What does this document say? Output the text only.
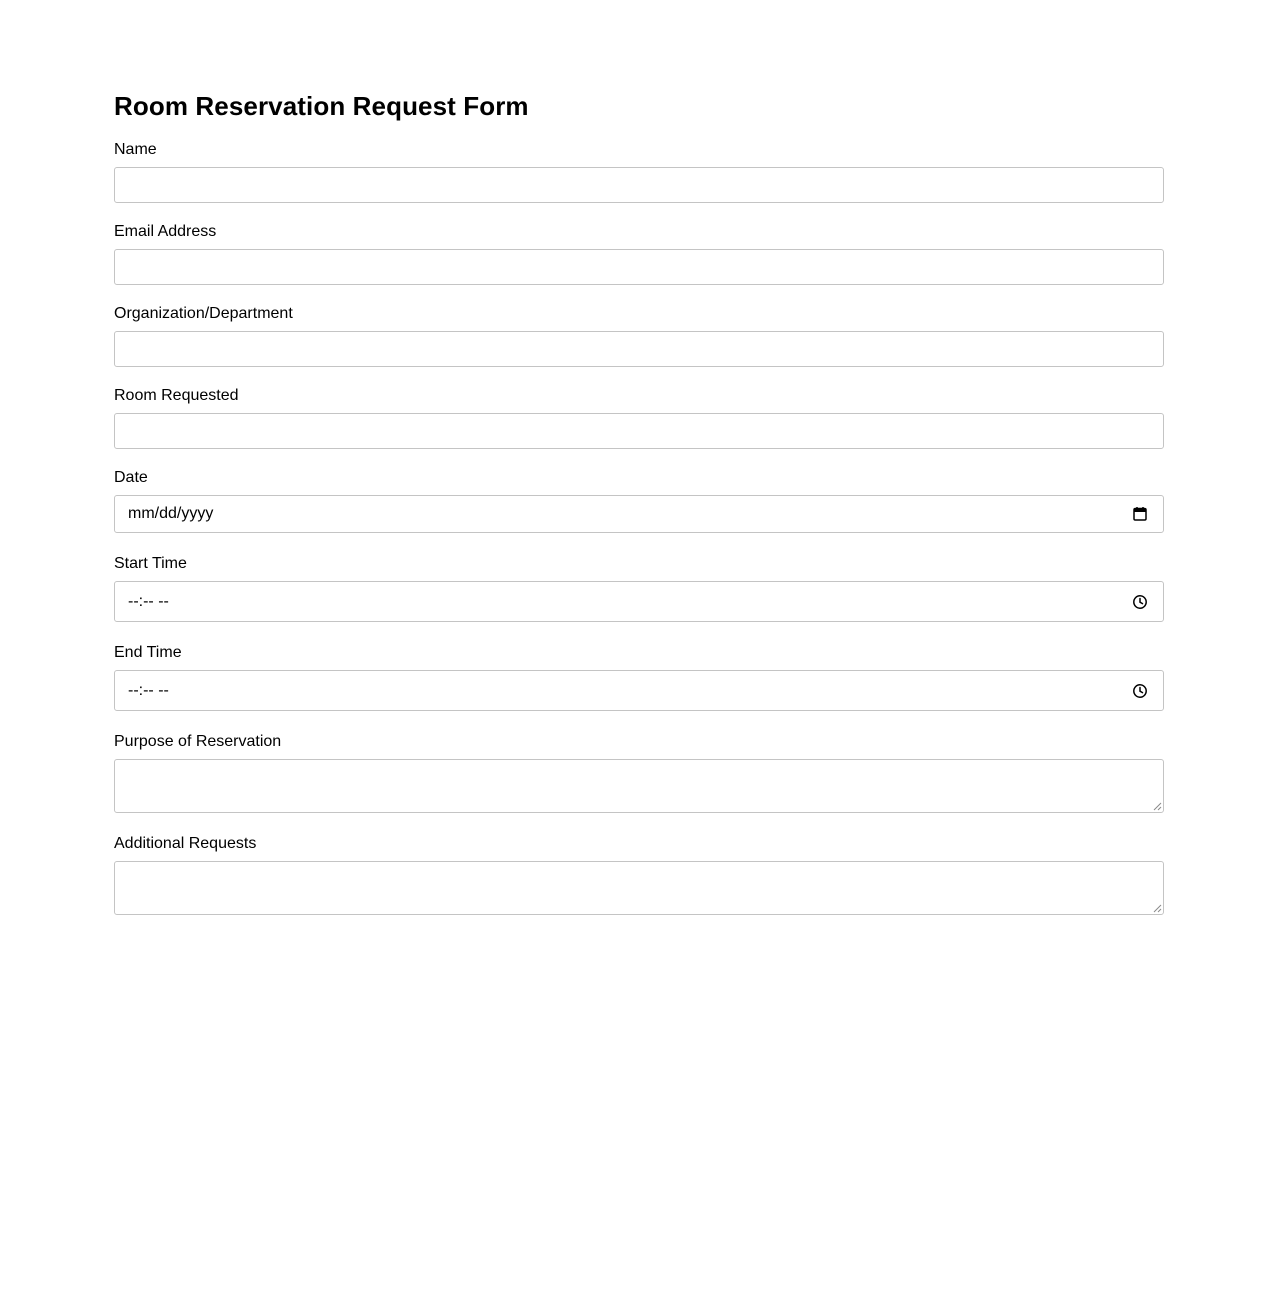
Room Reservation Request Form
Name
Email Address
Organization/Department
Room Requested
Date
mm/dd/yyyy
Start Time
--:-- --
End Time
--:-- --
Purpose of Reservation
Additional Requests
